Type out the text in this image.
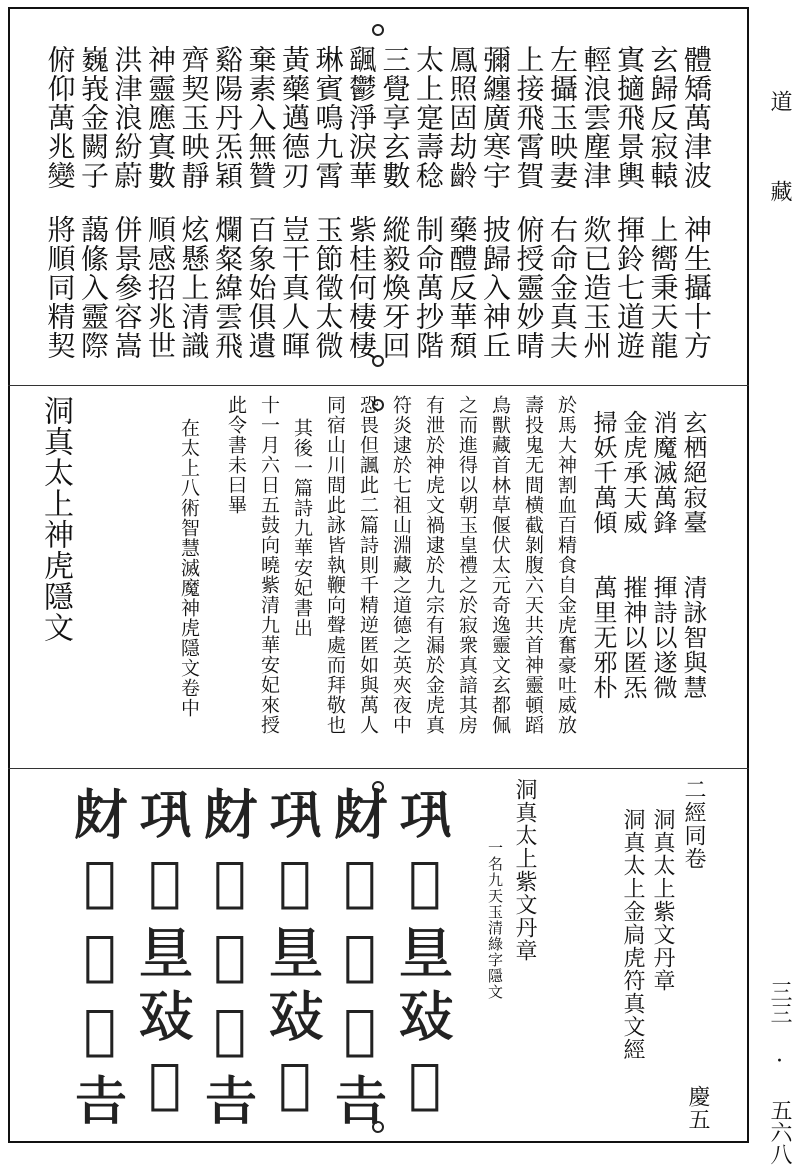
道
藏
三三 · 五六八
體矯萬津波
玄歸反寂轅
寘擿飛景輿
輕浪雲塵津
左攝玉映妻
上接飛霄賀
彌纏廣寒宇
鳳照固劫齡
太上寔壽稔
三覺享玄數
神生攝十方
上嚮秉天龍
揮鈴七道遊
欻已造玉州
右命金真夫
俯授靈妙晴
披歸入神丘
藥醴反華頹
制命萬抄階
縱毅煥牙回
颻鬱淨淚華
琳賓鳴九霄
黃藥邁德刃
棄素入無贊
谿陽丹炁穎
齊契玉映靜
神靈應寘數
洪津浪紛蔚
巍峩金闕子
俯仰萬兆變
紫桂何棲棲
玉節徵太微
豈干真人暉
百象始俱遺
爛粲緯雲飛
炫懸上清識
順感招兆世
併景參容嵩
藹絛入靈際
將順同精契
洞真太上神虎隱文	玄栖絕寂臺
消魔滅萬鋒
金虎承天威
掃妖千萬傾
清詠智與慧
揮詩以遂微
摧神以匿炁
萬里无邪朴
於馬大神割血百精食自金虎奮豪吐威放
壽投鬼无間横截剝腹六天共首神靈頓蹈
鳥獸藏首林草偃伏太元奇逸靈文玄都佩
之而進得以朝玉皇禮之於寂衆真諳其房
有泄於神虎文禍逮於九宗有漏於金虎真
符炎逮於七祖山淵藏之道德之英夾夜中
恐畏但諷此二篇詩則千精逆匿如與萬人
同宿山川間此詠皆執鞭向聲處而拜敬也
其後一篇詩九華安妃書出
十一月六日五鼓向曉紫清九華安妃來授
此令書未曰畢
在太上八術智慧滅魔神虎隱文卷中
二經同卷
洞真太上紫文丹章
洞真太上金扃虎符真文經
慶五
洞真太上紫文丹章
一名九天玉清綠字隱文
𢀜𡉢𥃿𢻽𤀎
𤿋𥪅𥄯𢔙𠮷
𢀜𡉢𥃿𢻽𤀎
𤿋𥪅𥄯𢔙𠮷
𢀜𡉢𥃿𢻽𤀎
𤿋𥪅𥄯𢔙𠮷
